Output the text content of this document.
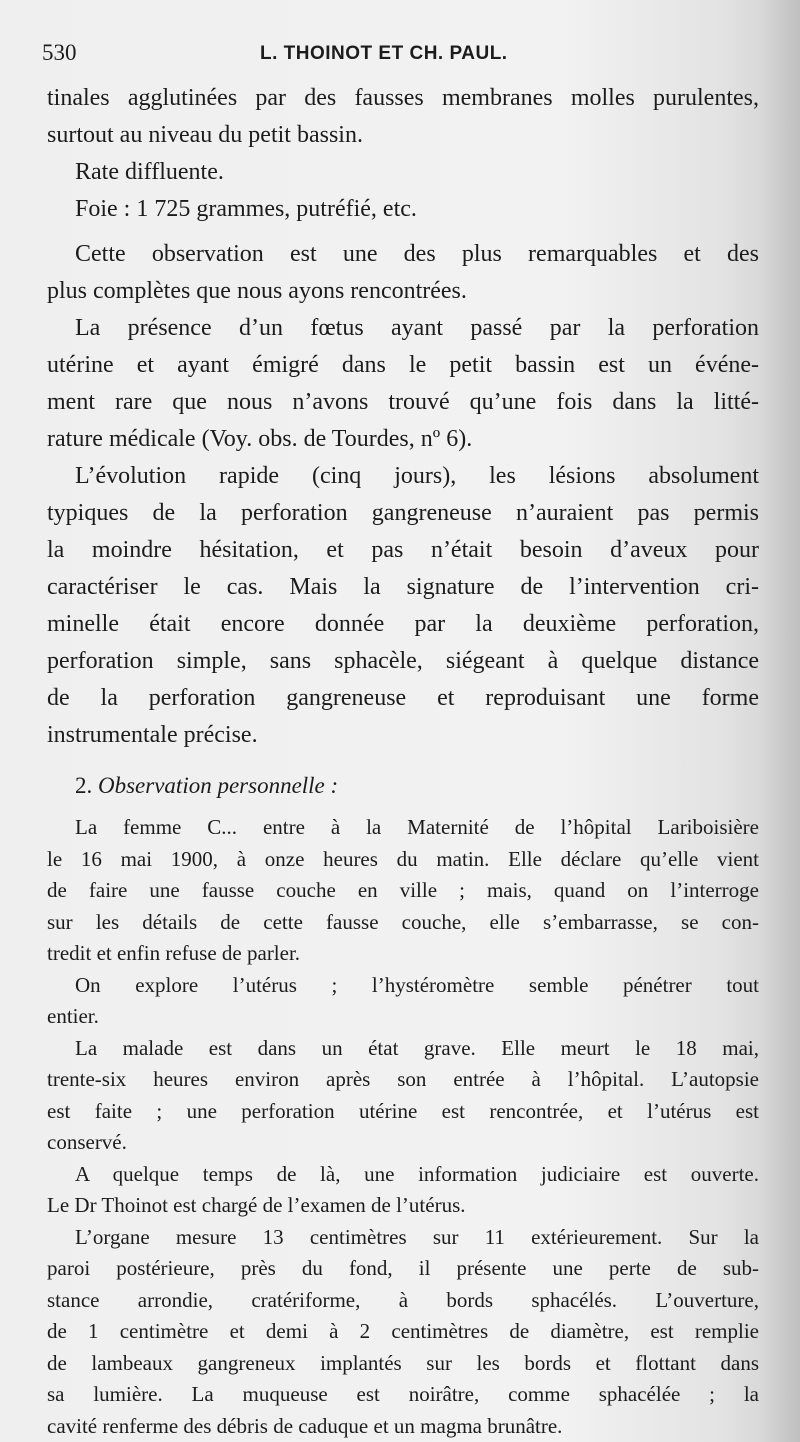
530	L. THOINOT ET CH. PAUL.
tinales agglutinées par des fausses membranes molles purulentes,
surtout au niveau du petit bassin.
Rate diffluente.
Foie : 1 725 grammes, putréfié, etc.
Cette observation est une des plus remarquables et des
plus complètes que nous ayons rencontrées.
La présence d’un fœtus ayant passé par la perforation
utérine et ayant émigré dans le petit bassin est un événe-
ment rare que nous n’avons trouvé qu’une fois dans la litté-
rature médicale (Voy. obs. de Tourdes, nº 6).
L’évolution rapide (cinq jours), les lésions absolument
typiques de la perforation gangreneuse n’auraient pas permis
la moindre hésitation, et pas n’était besoin d’aveux pour
caractériser le cas. Mais la signature de l’intervention cri-
minelle était encore donnée par la deuxième perforation,
perforation simple, sans sphacèle, siégeant à quelque distance
de la perforation gangreneuse et reproduisant une forme
instrumentale précise.
2. Observation personnelle :
La femme C... entre à la Maternité de l’hôpital Lariboisière
le 16 mai 1900, à onze heures du matin. Elle déclare qu’elle vient
de faire une fausse couche en ville ; mais, quand on l’interroge
sur les détails de cette fausse couche, elle s’embarrasse, se con-
tredit et enfin refuse de parler.
On explore l’utérus ; l’hystéromètre semble pénétrer tout
entier.
La malade est dans un état grave. Elle meurt le 18 mai,
trente-six heures environ après son entrée à l’hôpital. L’autopsie
est faite ; une perforation utérine est rencontrée, et l’utérus est
conservé.
A quelque temps de là, une information judiciaire est ouverte.
Le Dr Thoinot est chargé de l’examen de l’utérus.
L’organe mesure 13 centimètres sur 11 extérieurement. Sur la
paroi postérieure, près du fond, il présente une perte de sub-
stance arrondie, cratériforme, à bords sphacélés. L’ouverture,
de 1 centimètre et demi à 2 centimètres de diamètre, est remplie
de lambeaux gangreneux implantés sur les bords et flottant dans
sa lumière. La muqueuse est noirâtre, comme sphacélée ; la
cavité renferme des débris de caduque et un magma brunâtre.
